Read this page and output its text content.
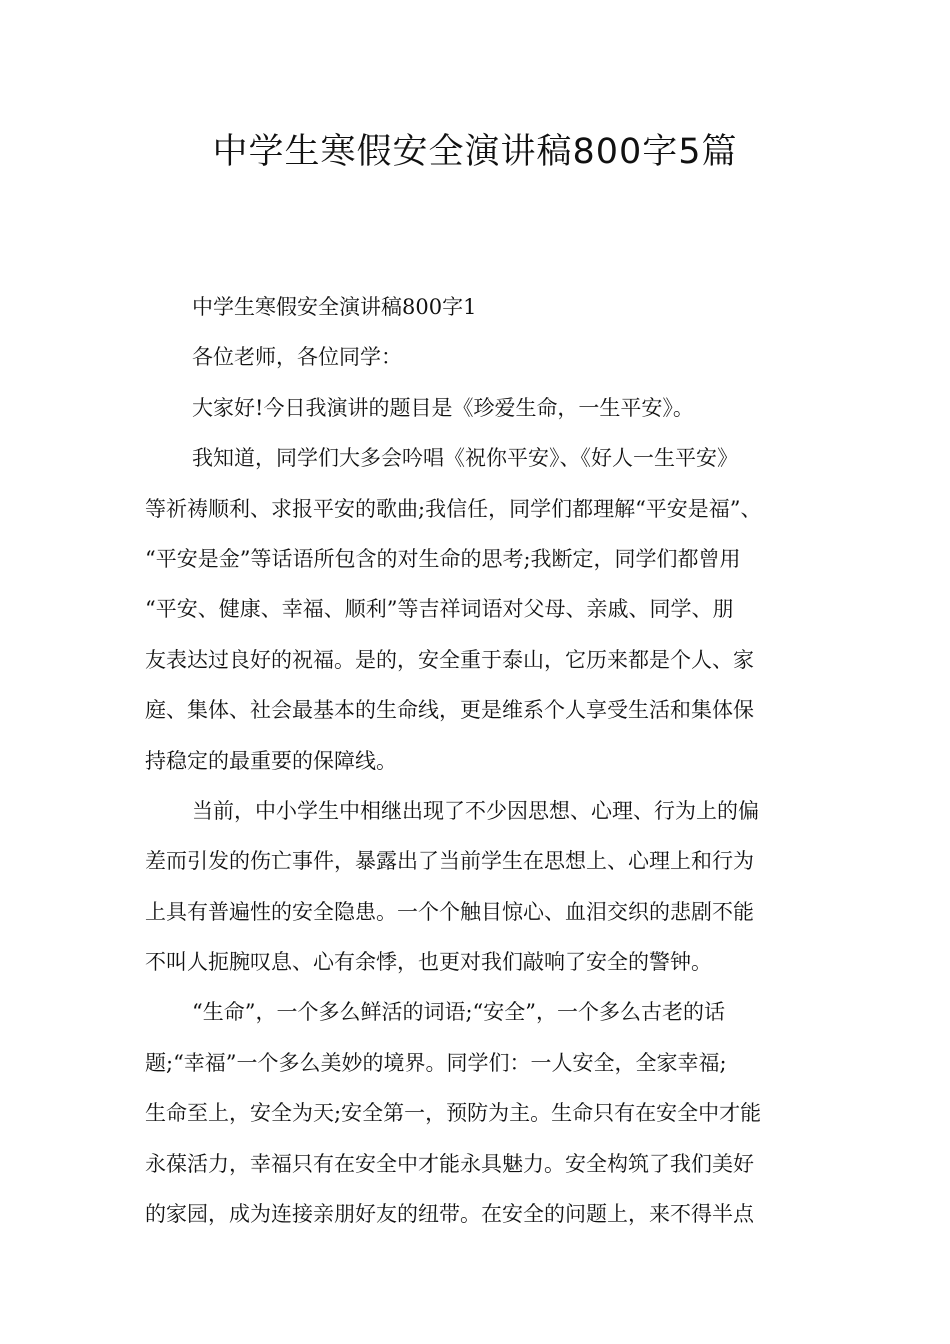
中学生寒假安全演讲稿800字5篇
中学生寒假安全演讲稿800字1
各位老师，各位同学：
大家好!今日我演讲的题目是《珍爱生命，一生平安》。
我知道，同学们大多会吟唱《祝你平安》、《好人一生平安》
等祈祷顺利、求报平安的歌曲;我信任，同学们都理解“平安是福”、
“平安是金”等话语所包含的对生命的思考;我断定，同学们都曾用
“平安、健康、幸福、顺利”等吉祥词语对父母、亲戚、同学、朋
友表达过良好的祝福。是的，安全重于泰山，它历来都是个人、家
庭、集体、社会最基本的生命线，更是维系个人享受生活和集体保
持稳定的最重要的保障线。
当前，中小学生中相继出现了不少因思想、心理、行为上的偏
差而引发的伤亡事件，暴露出了当前学生在思想上、心理上和行为
上具有普遍性的安全隐患。一个个触目惊心、血泪交织的悲剧不能
不叫人扼腕叹息、心有余悸，也更对我们敲响了安全的警钟。
“生命”，一个多么鲜活的词语;“安全”，一个多么古老的话
题;“幸福”一个多么美妙的境界。同学们：一人安全，全家幸福;
生命至上，安全为天;安全第一，预防为主。生命只有在安全中才能
永葆活力，幸福只有在安全中才能永具魅力。安全构筑了我们美好
的家园，成为连接亲朋好友的纽带。在安全的问题上，来不得半点
